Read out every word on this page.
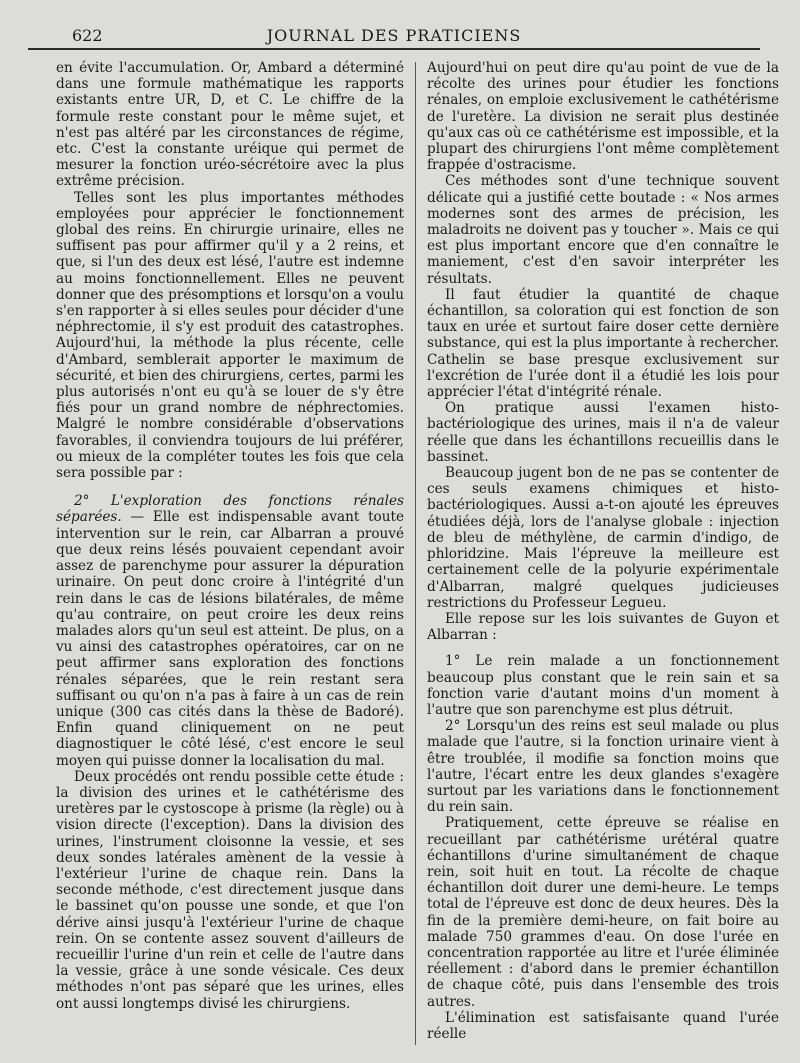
622	JOURNAL DES PRATICIENS

en évite l'accumulation. Or, Ambard a déterminé dans une formule mathématique les rapports existants entre UR, D, et C. Le chiffre de la formule reste constant pour le même sujet, et n'est pas altéré par les circonstances de régime, etc. C'est la constante uréique qui permet de mesurer la fonction uréo-sécrétoire avec la plus extrême précision.

Telles sont les plus importantes méthodes employées pour apprécier le fonctionnement global des reins. En chirurgie urinaire, elles ne suffisent pas pour affirmer qu'il y a 2 reins, et que, si l'un des deux est lésé, l'autre est indemne au moins fonctionnellement. Elles ne peuvent donner que des présomptions et lorsqu'on a voulu s'en rapporter à si elles seules pour décider d'une néphrectomie, il s'y est produit des catastrophes. Aujourd'hui, la méthode la plus récente, celle d'Ambard, semblerait apporter le maximum de sécurité, et bien des chirurgiens, certes, parmi les plus autorisés n'ont eu qu'à se louer de s'y être fiés pour un grand nombre de néphrectomies. Malgré le nombre considérable d'observations favorables, il conviendra toujours de lui préférer, ou mieux de la compléter toutes les fois que cela sera possible par :

2° L'exploration des fonctions rénales séparées. — Elle est indispensable avant toute intervention sur le rein, car Albarran a prouvé que deux reins lésés pouvaient cependant avoir assez de parenchyme pour assurer la dépuration urinaire. On peut donc croire à l'intégrité d'un rein dans le cas de lésions bilatérales, de même qu'au contraire, on peut croire les deux reins malades alors qu'un seul est atteint. De plus, on a vu ainsi des catastrophes opératoires, car on ne peut affirmer sans exploration des fonctions rénales séparées, que le rein restant sera suffisant ou qu'on n'a pas à faire à un cas de rein unique (300 cas cités dans la thèse de Badoré). Enfin quand cliniquement on ne peut diagnostiquer le côté lésé, c'est encore le seul moyen qui puisse donner la localisation du mal.

Deux procédés ont rendu possible cette étude : la division des urines et le cathétérisme des uretères par le cystoscope à prisme (la règle) ou à vision directe (l'exception). Dans la division des urines, l'instrument cloisonne la vessie, et ses deux sondes latérales amènent de la vessie à l'extérieur l'urine de chaque rein. Dans la seconde méthode, c'est directement jusque dans le bassinet qu'on pousse une sonde, et que l'on dérive ainsi jusqu'à l'extérieur l'urine de chaque rein. On se contente assez souvent d'ailleurs de recueillir l'urine d'un rein et celle de l'autre dans la vessie, grâce à une sonde vésicale. Ces deux méthodes n'ont pas séparé que les urines, elles ont aussi longtemps divisé les chirurgiens.

Aujourd'hui on peut dire qu'au point de vue de la récolte des urines pour étudier les fonctions rénales, on emploie exclusivement le cathétérisme de l'uretère. La division ne serait plus destinée qu'aux cas où ce cathétérisme est impossible, et la plupart des chirurgiens l'ont même complètement frappée d'ostracisme.

Ces méthodes sont d'une technique souvent délicate qui a justifié cette boutade : « Nos armes modernes sont des armes de précision, les maladroits ne doivent pas y toucher ». Mais ce qui est plus important encore que d'en connaître le maniement, c'est d'en savoir interpréter les résultats.

Il faut étudier la quantité de chaque échantillon, sa coloration qui est fonction de son taux en urée et surtout faire doser cette dernière substance, qui est la plus importante à rechercher. Cathelin se base presque exclusivement sur l'excrétion de l'urée dont il a étudié les lois pour apprécier l'état d'intégrité rénale.

On pratique aussi l'examen histo-bactériologique des urines, mais il n'a de valeur réelle que dans les échantillons recueillis dans le bassinet.

Beaucoup jugent bon de ne pas se contenter de ces seuls examens chimiques et histo-bactériologiques. Aussi a-t-on ajouté les épreuves étudiées déjà, lors de l'analyse globale : injection de bleu de méthylène, de carmin d'indigo, de phloridzine. Mais l'épreuve la meilleure est certainement celle de la polyurie expérimentale d'Albarran, malgré quelques judicieuses restrictions du Professeur Legueu.

Elle repose sur les lois suivantes de Guyon et Albarran :

1° Le rein malade a un fonctionnement beaucoup plus constant que le rein sain et sa fonction varie d'autant moins d'un moment à l'autre que son parenchyme est plus détruit.

2° Lorsqu'un des reins est seul malade ou plus malade que l'autre, si la fonction urinaire vient à être troublée, il modifie sa fonction moins que l'autre, l'écart entre les deux glandes s'exagère surtout par les variations dans le fonctionnement du rein sain.

Pratiquement, cette épreuve se réalise en recueillant par cathétérisme urétéral quatre échantillons d'urine simultanément de chaque rein, soit huit en tout. La récolte de chaque échantillon doit durer une demi-heure. Le temps total de l'épreuve est donc de deux heures. Dès la fin de la première demi-heure, on fait boire au malade 750 grammes d'eau. On dose l'urée en concentration rapportée au litre et l'urée éliminée réellement : d'abord dans le premier échantillon de chaque côté, puis dans l'ensemble des trois autres.

L'élimination est satisfaisante quand l'urée réelle
